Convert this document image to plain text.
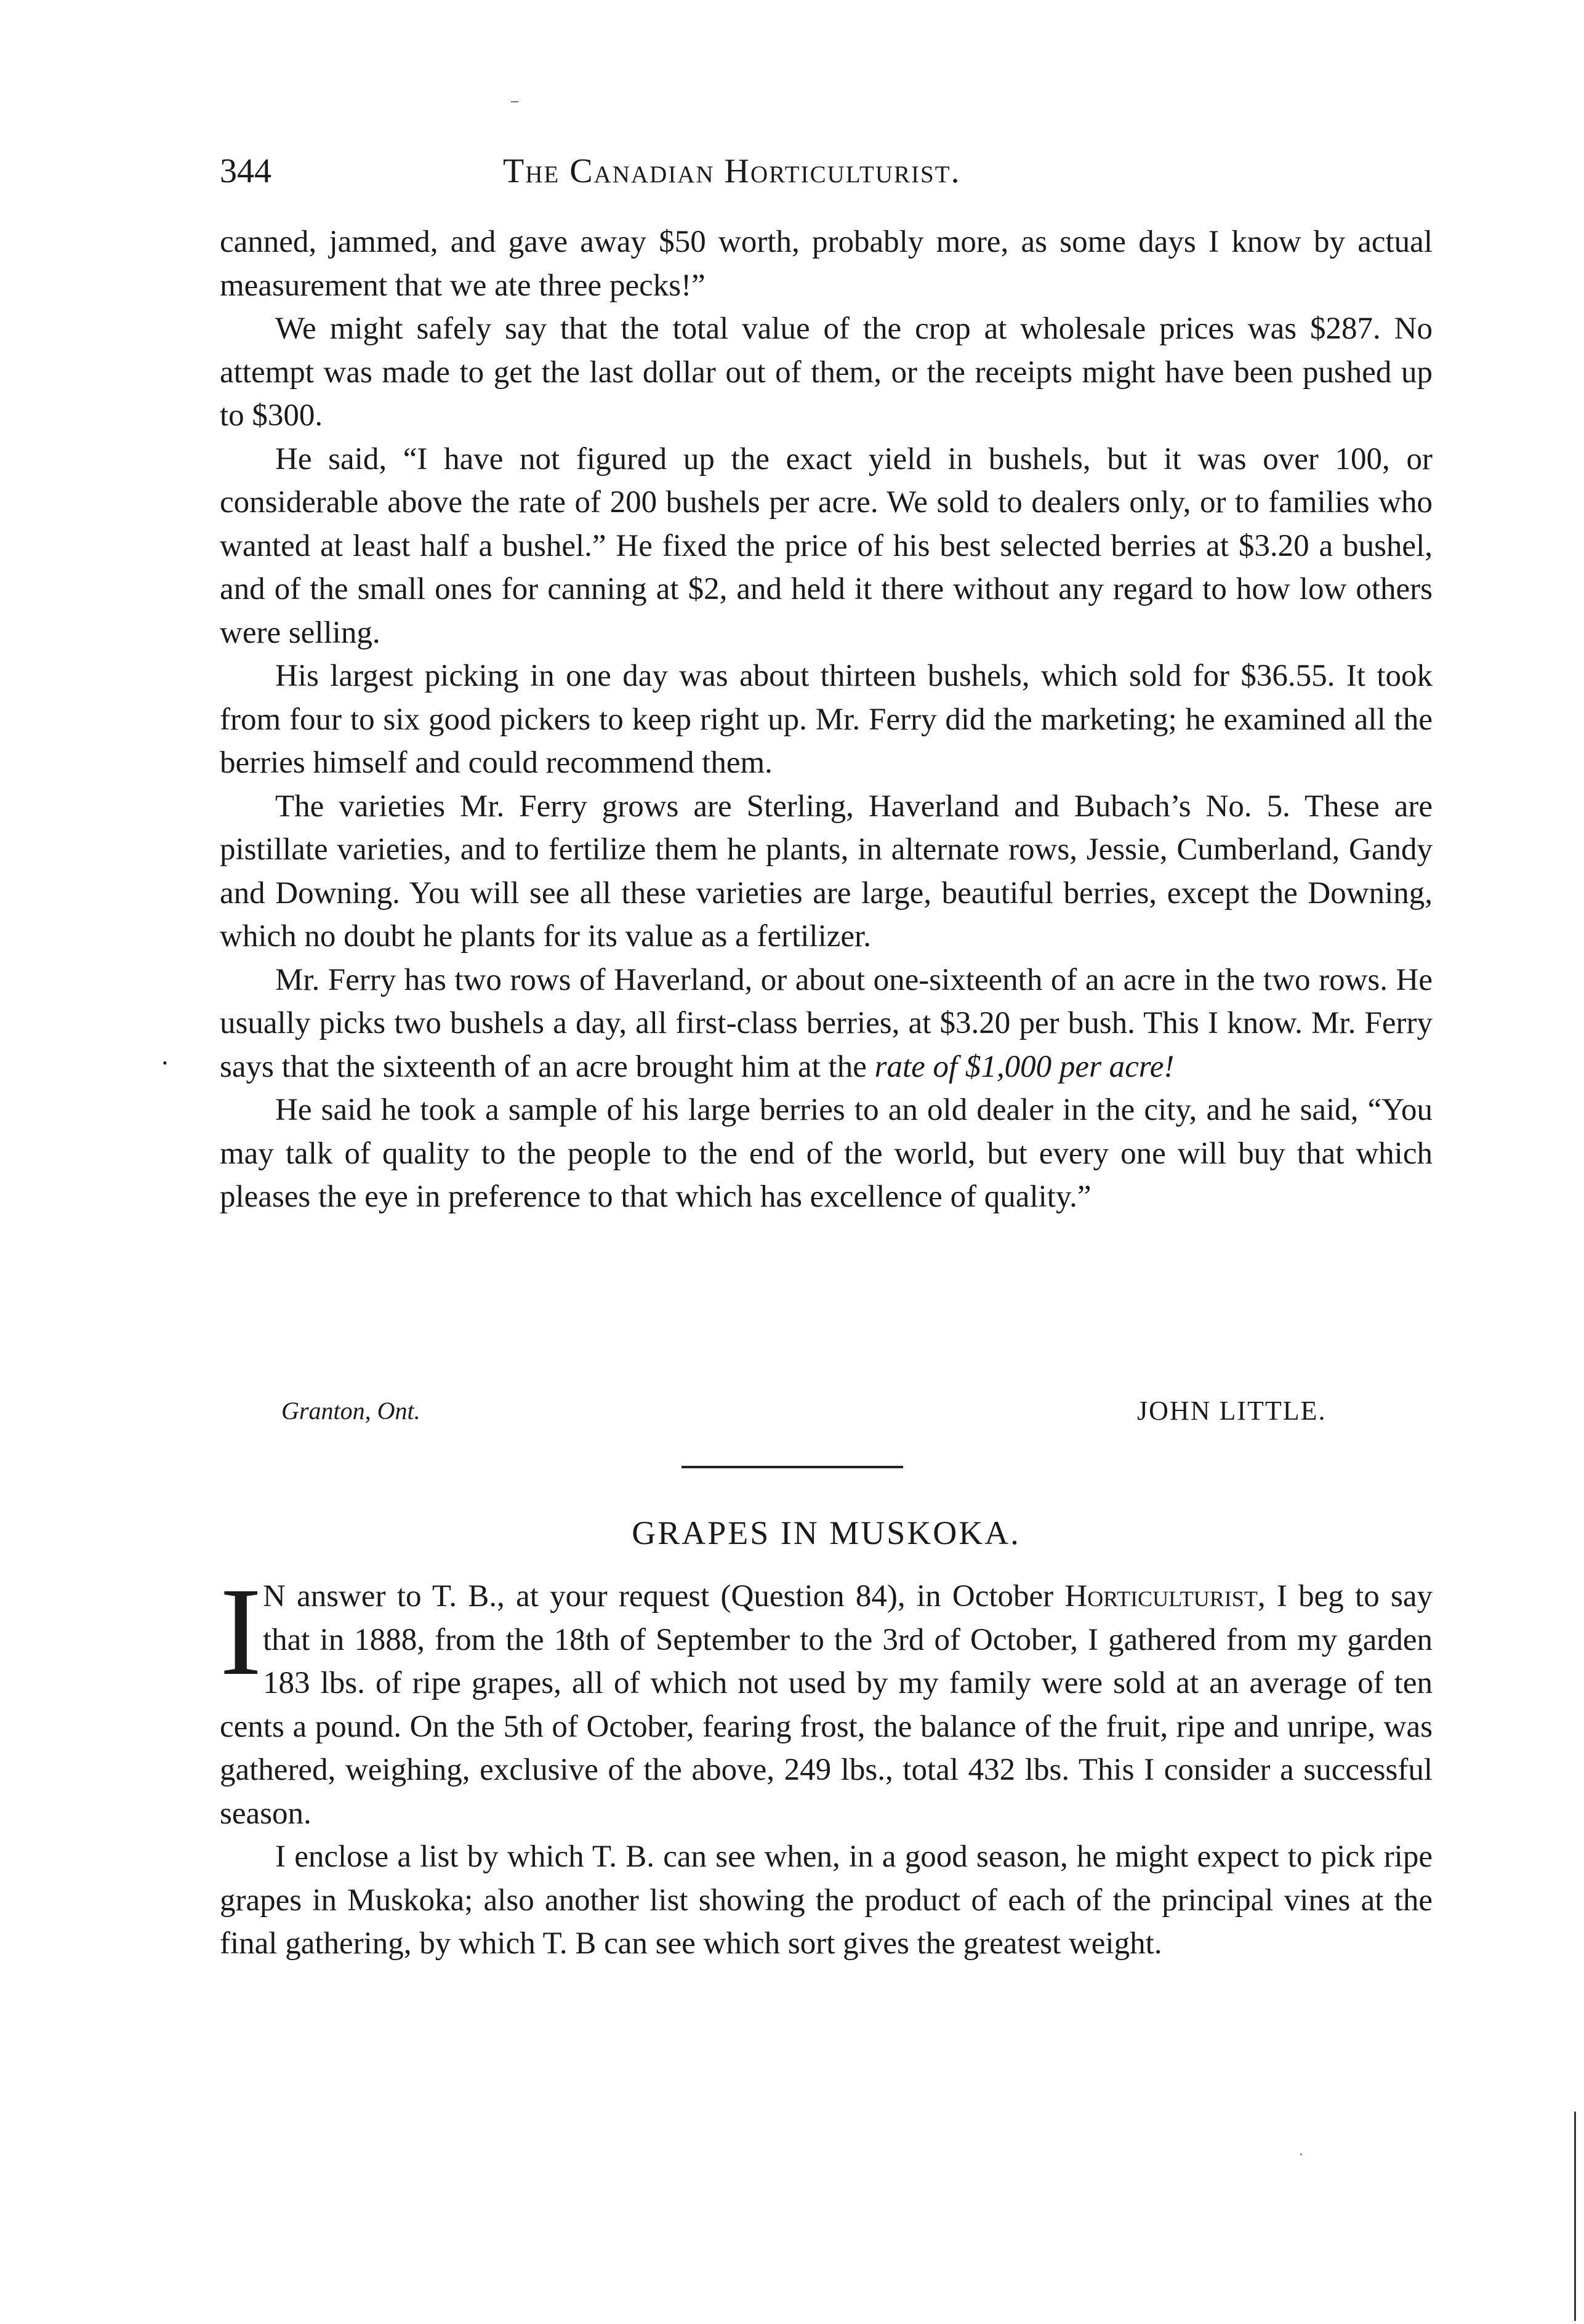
–
344	The Canadian Horticulturist.

canned, jammed, and gave away $50 worth, probably more, as some days I know by actual measurement that we ate three pecks!”

We might safely say that the total value of the crop at wholesale prices was $287. No attempt was made to get the last dollar out of them, or the receipts might have been pushed up to $300.

He said, “I have not figured up the exact yield in bushels, but it was over 100, or considerable above the rate of 200 bushels per acre. We sold to dealers only, or to families who wanted at least half a bushel.” He fixed the price of his best selected berries at $3.20 a bushel, and of the small ones for canning at $2, and held it there without any regard to how low others were selling.

His largest picking in one day was about thirteen bushels, which sold for $36.55. It took from four to six good pickers to keep right up. Mr. Ferry did the marketing; he examined all the berries himself and could recommend them.

The varieties Mr. Ferry grows are Sterling, Haverland and Bubach’s No. 5. These are pistillate varieties, and to fertilize them he plants, in alternate rows, Jessie, Cumberland, Gandy and Downing. You will see all these varieties are large, beautiful berries, except the Downing, which no doubt he plants for its value as a fertilizer.

Mr. Ferry has two rows of Haverland, or about one-sixteenth of an acre in the two rows. He usually picks two bushels a day, all first-class berries, at $3.20 per bush. This I know. Mr. Ferry says that the sixteenth of an acre brought him at the rate of $1,000 per acre!

He said he took a sample of his large berries to an old dealer in the city, and he said, “You may talk of quality to the people to the end of the world, but every one will buy that which pleases the eye in preference to that which has excellence of quality.”

•
Granton, Ont.	JOHN LITTLE.
GRAPES IN MUSKOKA.

I N answer to T. B., at your request (Question 84), in October Horticulturist, I beg to say that in 1888, from the 18th of September to the 3rd of October, I gathered from my garden 183 lbs. of ripe grapes, all of which not used by my family were sold at an average of ten cents a pound. On the 5th of October, fearing frost, the balance of the fruit, ripe and unripe, was gathered, weighing, exclusive of the above, 249 lbs., total 432 lbs. This I consider a successful season.

I enclose a list by which T. B. can see when, in a good season, he might expect to pick ripe grapes in Muskoka; also another list showing the product of each of the principal vines at the final gathering, by which T. B can see which sort gives the greatest weight.

·
